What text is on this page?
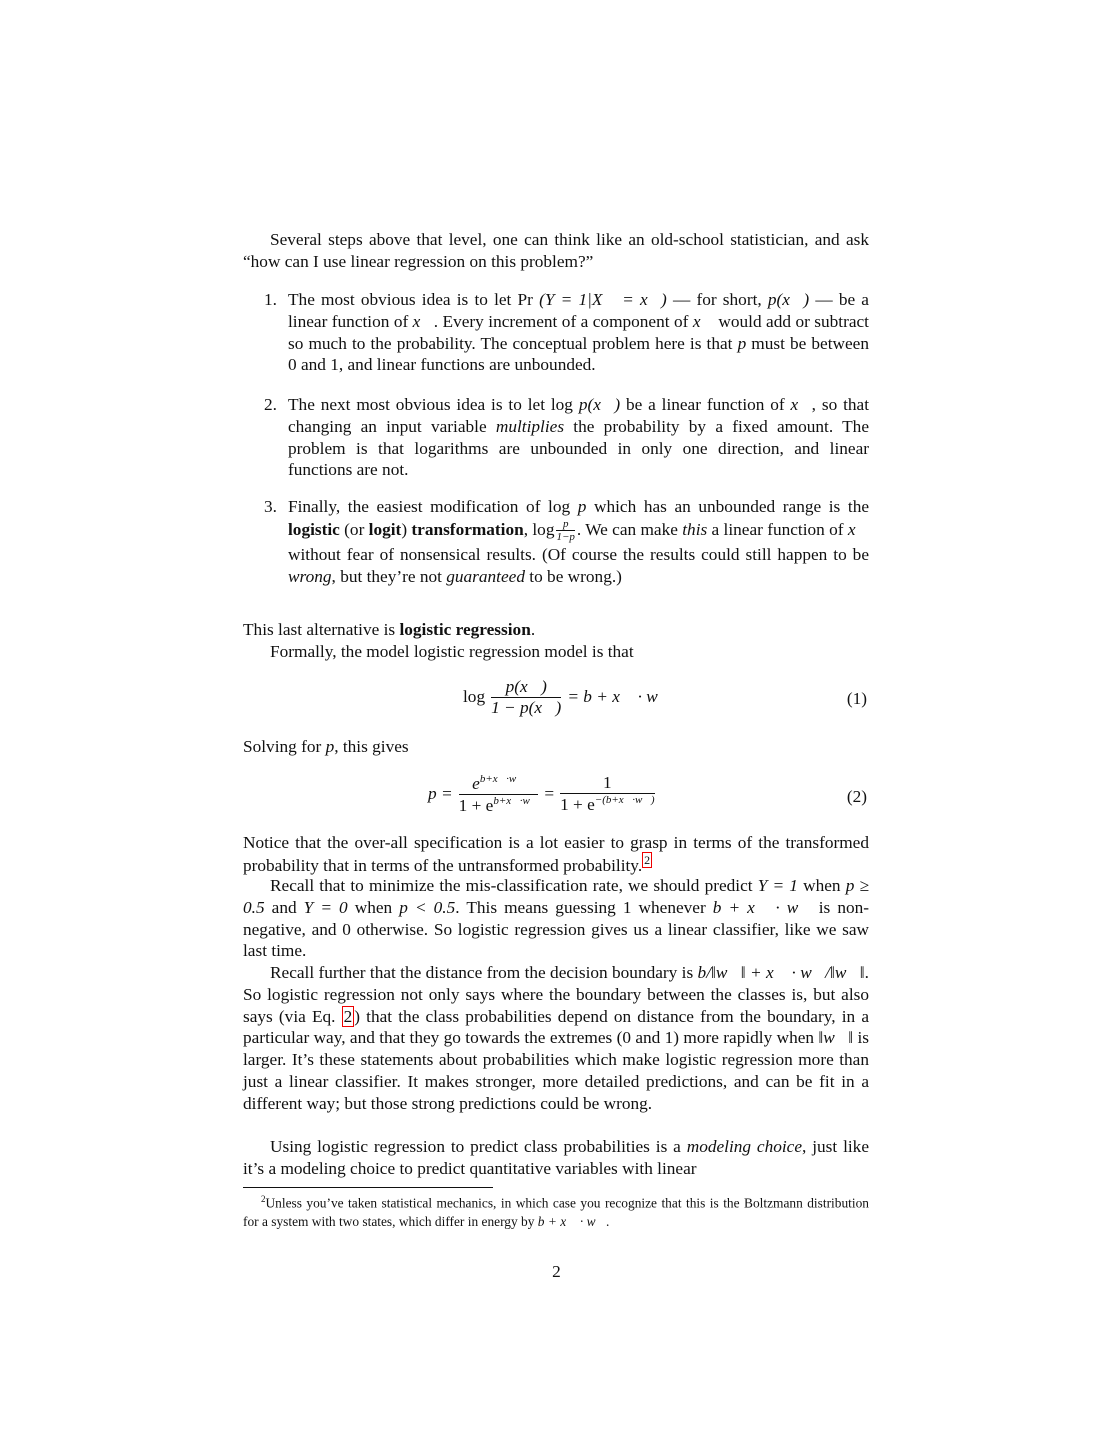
Several steps above that level, one can think like an old-school statistician, and ask “how can I use linear regression on this problem?”
1. The most obvious idea is to let Pr (Y = 1|X⃗ = x⃗) — for short, p(x⃗) — be a linear function of x⃗. Every increment of a component of x⃗ would add or subtract so much to the probability. The conceptual problem here is that p must be between 0 and 1, and linear functions are unbounded.
2. The next most obvious idea is to let log p(x⃗) be a linear function of x⃗, so that changing an input variable multiplies the probability by a fixed amount. The problem is that logarithms are unbounded in only one direction, and linear functions are not.
3. Finally, the easiest modification of log p which has an unbounded range is the logistic (or logit) transformation, $\log \frac{p}{1-p}$ . We can make this a linear function of x⃗ without fear of nonsensical results. (Of course the results could still happen to be wrong, but they’re not guaranteed to be wrong.)
This last alternative is logistic regression.
Formally, the model logistic regression model is that
Solving for p, this gives
Notice that the over-all specification is a lot easier to grasp in terms of the transformed probability that in terms of the untransformed probability. $^2$
Recall that to minimize the mis-classification rate, we should predict Y = 1 when p ≥ 0.5 and Y = 0 when p < 0.5. This means guessing 1 whenever b + x⃗ · w⃗ is non-negative, and 0 otherwise. So logistic regression gives us a linear classifier, like we saw last time.
Recall further that the distance from the decision boundary is b/‖w⃗‖ + x⃗ · w⃗/‖w⃗‖. So logistic regression not only says where the boundary between the classes is, but also says (via Eq. 2 ) that the class probabilities depend on distance from the boundary, in a particular way, and that they go towards the extremes (0 and 1) more rapidly when ‖w⃗‖ is larger. It’s these statements about probabilities which make logistic regression more than just a linear classifier. It makes stronger, more detailed predictions, and can be fit in a different way; but those strong predictions could be wrong.
Using logistic regression to predict class probabilities is a modeling choice, just like it’s a modeling choice to predict quantitative variables with linear
$\log \frac{p(x⃗)}{1 - p(x⃗)} = b$ + x⃗ · w⃗	(1)
$p = \frac{e^{b+x⃗\cdot w⃗}}{1 + e^{b+x⃗\cdot w⃗}} = \frac{1}{1 + e^{-(b+x⃗\cdot w⃗)}}$	(2)
$^2$Unless you’ve taken statistical mechanics, in which case you recognize that this is the Boltzmann distribution for a system with two states, which differ in energy by b + x⃗ · w⃗.
2
